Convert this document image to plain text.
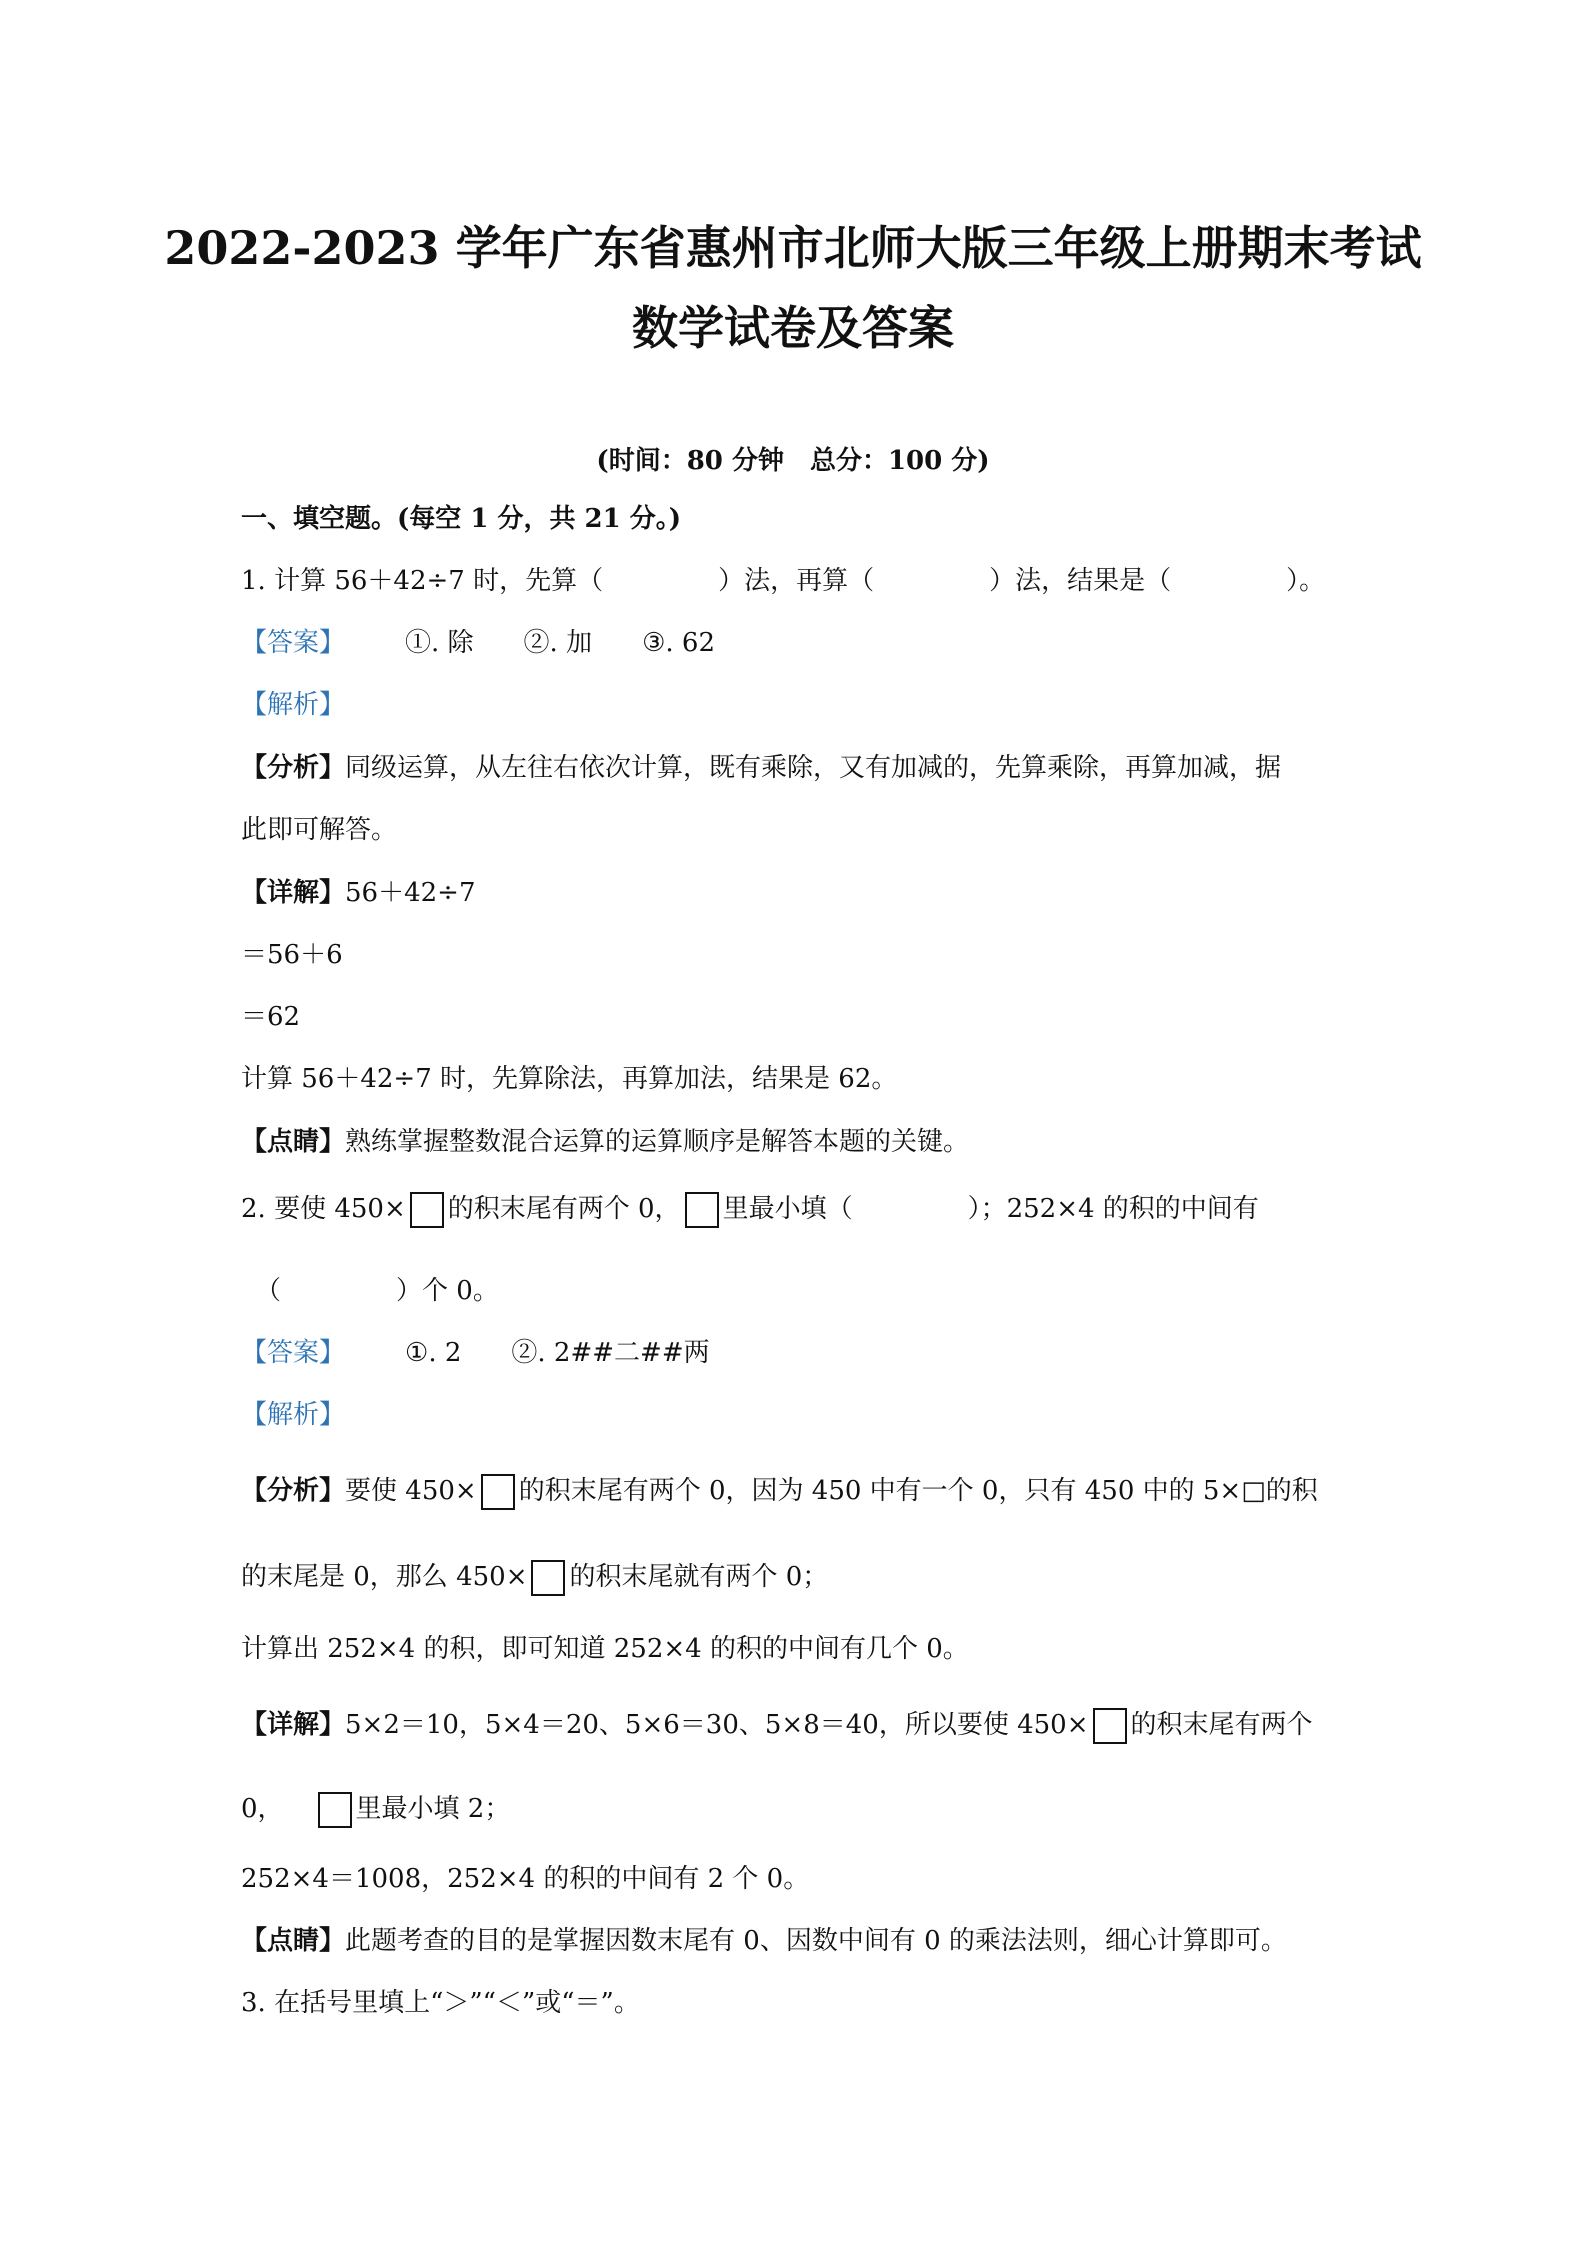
2022-2023 学年广东省惠州市北师大版三年级上册期末考试
数学试卷及答案
(时间：80 分钟　总分：100 分)
一、填空题。(每空 1 分，共 21 分。)
1. 计算 56＋42÷7 时，先算（	）法，再算（	）法，结果是（	）。
【答案】 ①. 除 ②. 加 ③. 62
【解析】
【分析】同级运算，从左往右依次计算，既有乘除，又有加减的，先算乘除，再算加减，据
此即可解答。
【详解】56＋42÷7
＝56＋6
＝62
计算 56＋42÷7 时，先算除法，再算加法，结果是 62。
【点睛】熟练掌握整数混合运算的运算顺序是解答本题的关键。
2. 要使 450× 的积末尾有两个 0， 里最小填（	）；252×4 的积的中间有
（	）个 0。
【答案】 ①. 2 ②. 2##二##两
【解析】
【分析】要使 450× 的积末尾有两个 0，因为 450 中有一个 0，只有 450 中的 5×□的积
的末尾是 0，那么 450× 的积末尾就有两个 0；
计算出 252×4 的积，即可知道 252×4 的积的中间有几个 0。
【详解】5×2＝10，5×4＝20、5×6＝30、5×8＝40，所以要使 450× 的积末尾有两个
0，	里最小填 2；
252×4＝1008，252×4 的积的中间有 2 个 0。
【点睛】此题考查的目的是掌握因数末尾有 0、因数中间有 0 的乘法法则，细心计算即可。
3. 在括号里填上“＞”“＜”或“＝”。
